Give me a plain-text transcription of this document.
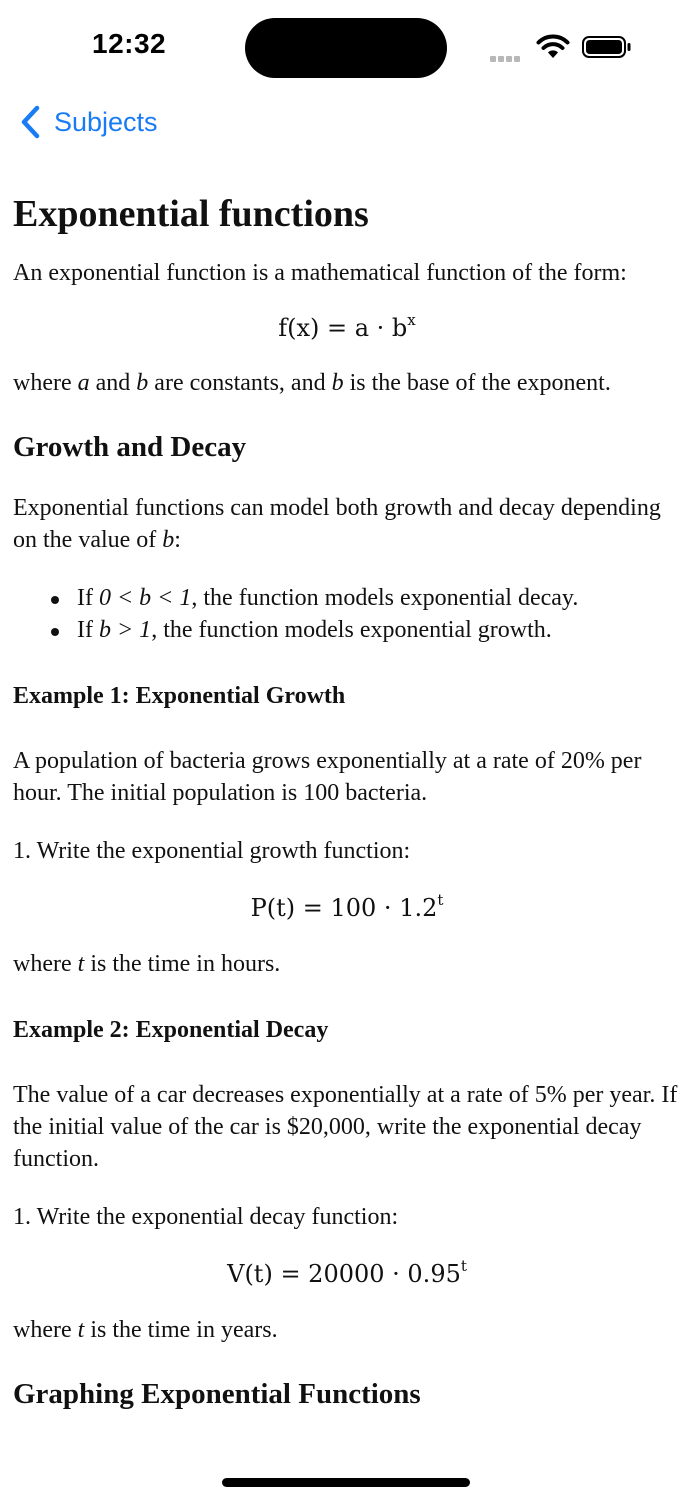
12:32
Subjects
Exponential functions

An exponential function is a mathematical function of the form:

$f(x) = a \cdot b^x$

where a and b are constants, and b is the base of the exponent.

Growth and Decay

Exponential functions can model both growth and decay depending on the value of b:

If 0 < b < 1, the function models exponential decay.
If b > 1, the function models exponential growth.
Example 1: Exponential Growth

A population of bacteria grows exponentially at a rate of 20% per hour. The initial population is 100 bacteria.

1. Write the exponential growth function:

$P(t) = 100 \cdot 1.2^t$

where t is the time in hours.

Example 2: Exponential Decay

The value of a car decreases exponentially at a rate of 5% per year. If the initial value of the car is $20,000, write the exponential decay function.

1. Write the exponential decay function:

$V(t) = 20000 \cdot 0.95^t$

where t is the time in years.

Graphing Exponential Functions
